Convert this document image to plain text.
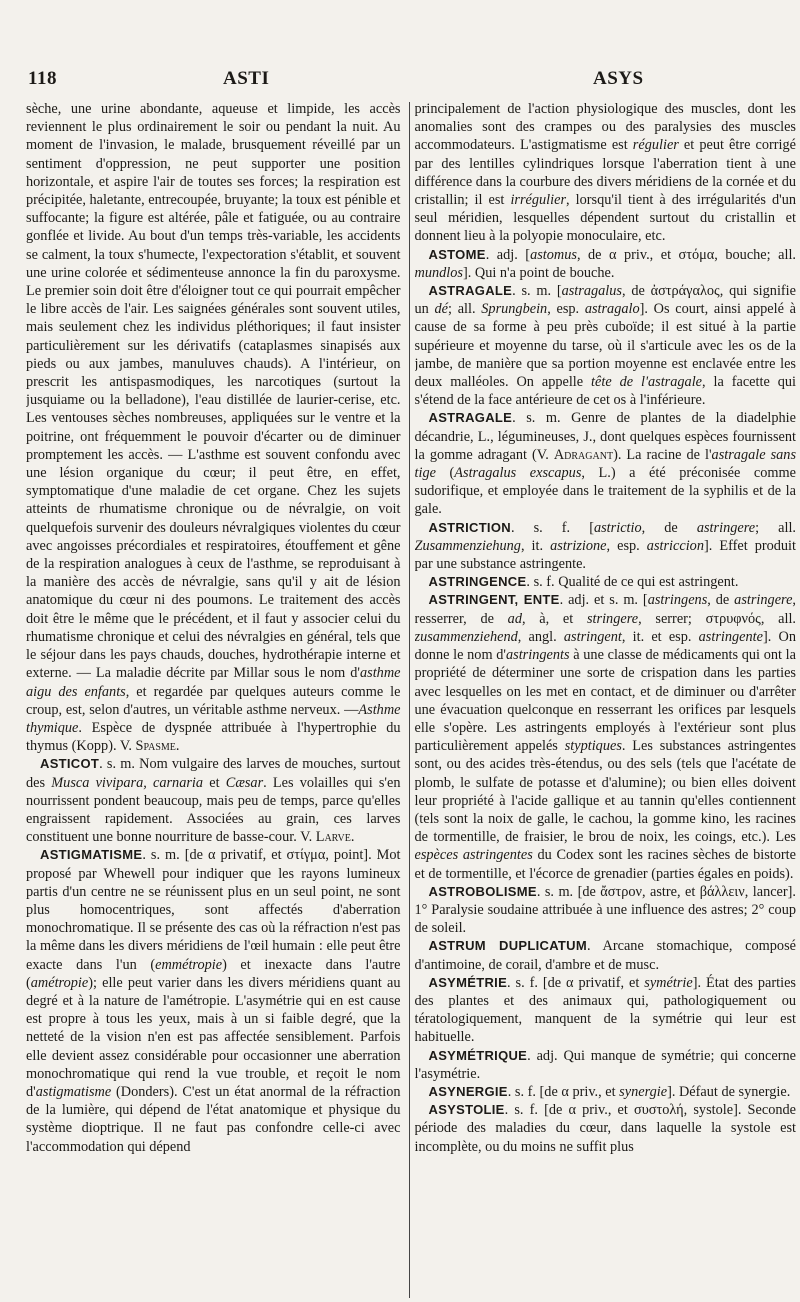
118	ASTI	ASYS

sèche, une urine abondante, aqueuse et limpide, les accès reviennent le plus ordinairement le soir ou pendant la nuit. Au moment de l'invasion, le malade, brusquement réveillé par un sentiment d'oppression, ne peut supporter une position horizontale, et aspire l'air de toutes ses forces; la respiration est précipitée, haletante, entrecoupée, bruyante; la toux est pénible et suffocante; la figure est altérée, pâle et fatiguée, ou au contraire gonflée et livide. Au bout d'un temps très-variable, les accidents se calment, la toux s'humecte, l'expectoration s'établit, et souvent une urine colorée et sédimenteuse annonce la fin du paroxysme. Le premier soin doit être d'éloigner tout ce qui pourrait empêcher le libre accès de l'air. Les saignées générales sont souvent utiles, mais seulement chez les individus pléthoriques; il faut insister particulièrement sur les dérivatifs (cataplasmes sinapisés aux pieds ou aux jambes, manuluves chauds). A l'intérieur, on prescrit les antispasmodiques, les narcotiques (surtout la jusquiame ou la belladone), l'eau distillée de laurier-cerise, etc. Les ventouses sèches nombreuses, appliquées sur le ventre et la poitrine, ont fréquemment le pouvoir d'écarter ou de diminuer promptement les accès. — L'asthme est souvent confondu avec une lésion organique du cœur; il peut être, en effet, symptomatique d'une maladie de cet organe. Chez les sujets atteints de rhumatisme chronique ou de névralgie, on voit quelquefois survenir des douleurs névralgiques violentes du cœur avec angoisses précordiales et respiratoires, étouffement et gêne de la respiration analogues à ceux de l'asthme, se reproduisant à la manière des accès de névralgie, sans qu'il y ait de lésion anatomique du cœur ni des poumons. Le traitement des accès doit être le même que le précédent, et il faut y associer celui du rhumatisme chronique et celui des névralgies en général, tels que le séjour dans les pays chauds, douches, hydrothérapie interne et externe. — La maladie décrite par Millar sous le nom d'asthme aigu des enfants, et regardée par quelques auteurs comme le croup, est, selon d'autres, un véritable asthme nerveux. —Asthme thymique. Espèce de dyspnée attribuée à l'hypertrophie du thymus (Kopp). V. Spasme.

ASTICOT. s. m. Nom vulgaire des larves de mouches, surtout des Musca vivipara, carnaria et Cæsar. Les volailles qui s'en nourrissent pondent beaucoup, mais peu de temps, parce qu'elles engraissent rapidement. Associées au grain, ces larves constituent une bonne nourriture de basse-cour. V. Larve.

ASTIGMATISME. s. m. [de α privatif, et στίγμα, point]. Mot proposé par Whewell pour indiquer que les rayons lumineux partis d'un centre ne se réunissent plus en un seul point, ne sont plus homocentriques, sont affectés d'aberration monochromatique. Il se présente des cas où la réfraction n'est pas la même dans les divers méridiens de l'œil humain : elle peut être exacte dans l'un (emmétropie) et inexacte dans l'autre (amétropie); elle peut varier dans les divers méridiens quant au degré et à la nature de l'amétropie. L'asymétrie qui en est cause est propre à tous les yeux, mais à un si faible degré, que la netteté de la vision n'en est pas affectée sensiblement. Parfois elle devient assez considérable pour occasionner une aberration monochromatique qui rend la vue trouble, et reçoit le nom d'astigmatisme (Donders). C'est un état anormal de la réfraction de la lumière, qui dépend de l'état anatomique et physique du système dioptrique. Il ne faut pas confondre celle-ci avec l'accommodation qui dépend

principalement de l'action physiologique des muscles, dont les anomalies sont des crampes ou des paralysies des muscles accommodateurs. L'astigmatisme est régulier et peut être corrigé par des lentilles cylindriques lorsque l'aberration tient à une différence dans la courbure des divers méridiens de la cornée et du cristallin; il est irrégulier, lorsqu'il tient à des irrégularités d'un seul méridien, lesquelles dépendent surtout du cristallin et donnent lieu à la polyopie monoculaire, etc.

ASTOME. adj. [astomus, de α priv., et στόμα, bouche; all. mundlos]. Qui n'a point de bouche.

ASTRAGALE. s. m. [astragalus, de ἀστράγαλος, qui signifie un dé; all. Sprungbein, esp. astragalo]. Os court, ainsi appelé à cause de sa forme à peu près cuboïde; il est situé à la partie supérieure et moyenne du tarse, où il s'articule avec les os de la jambe, de manière que sa portion moyenne est enclavée entre les deux malléoles. On appelle tête de l'astragale, la facette qui s'étend de la face antérieure de cet os à l'inférieure.

ASTRAGALE. s. m. Genre de plantes de la diadelphie décandrie, L., légumineuses, J., dont quelques espèces fournissent la gomme adragant (V. Adragant). La racine de l'astragale sans tige (Astragalus exscapus, L.) a été préconisée comme sudorifique, et employée dans le traitement de la syphilis et de la gale.

ASTRICTION. s. f. [astrictio, de astringere; all. Zusammenziehung, it. astrizione, esp. astriccion]. Effet produit par une substance astringente.

ASTRINGENCE. s. f. Qualité de ce qui est astringent.

ASTRINGENT, ENTE. adj. et s. m. [astringens, de astringere, resserrer, de ad, à, et stringere, serrer; στρυφνός, all. zusammenziehend, angl. astringent, it. et esp. astringente]. On donne le nom d'astringents à une classe de médicaments qui ont la propriété de déterminer une sorte de crispation dans les parties avec lesquelles on les met en contact, et de diminuer ou d'arrêter une évacuation quelconque en resserrant les orifices par lesquels elle s'opère. Les astringents employés à l'extérieur sont plus particulièrement appelés styptiques. Les substances astringentes sont, ou des acides très-étendus, ou des sels (tels que l'acétate de plomb, le sulfate de potasse et d'alumine); ou bien elles doivent leur propriété à l'acide gallique et au tannin qu'elles contiennent (tels sont la noix de galle, le cachou, la gomme kino, les racines de tormentille, de fraisier, le brou de noix, les coings, etc.). Les espèces astringentes du Codex sont les racines sèches de bistorte et de tormentille, et l'écorce de grenadier (parties égales en poids).

ASTROBOLISME. s. m. [de ἄστρον, astre, et βάλλειν, lancer]. 1° Paralysie soudaine attribuée à une influence des astres; 2° coup de soleil.

ASTRUM DUPLICATUM. Arcane stomachique, composé d'antimoine, de corail, d'ambre et de musc.

ASYMÉTRIE. s. f. [de α privatif, et symétrie]. État des parties des plantes et des animaux qui, pathologiquement ou tératologiquement, manquent de la symétrie qui leur est habituelle.

ASYMÉTRIQUE. adj. Qui manque de symétrie; qui concerne l'asymétrie.

ASYNERGIE. s. f. [de α priv., et synergie]. Défaut de synergie.

ASYSTOLIE. s. f. [de α priv., et συστολή, systole]. Seconde période des maladies du cœur, dans laquelle la systole est incomplète, ou du moins ne suffit plus
